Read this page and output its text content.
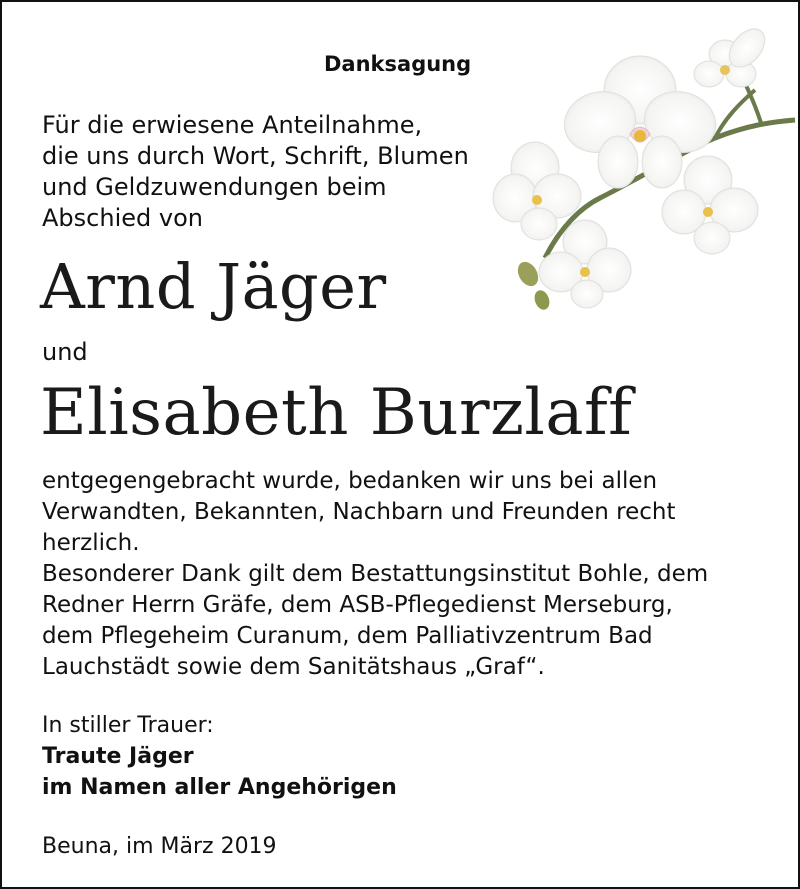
Danksagung
Für die erwiesene Anteilnahme,
die uns durch Wort, Schrift, Blumen
und Geldzuwendungen beim
Abschied von
Arnd Jäger
und
Elisabeth Burzlaff
entgegengebracht wurde, bedanken wir uns bei allen
Verwandten, Bekannten, Nachbarn und Freunden recht
herzlich.
Besonderer Dank gilt dem Bestattungsinstitut Bohle, dem
Redner Herrn Gräfe, dem ASB-Pflegedienst Merseburg,
dem Pflegeheim Curanum, dem Palliativzentrum Bad
Lauchstädt sowie dem Sanitätshaus „Graf“.
In stiller Trauer:
Traute Jäger
im Namen aller Angehörigen
Beuna, im März 2019
